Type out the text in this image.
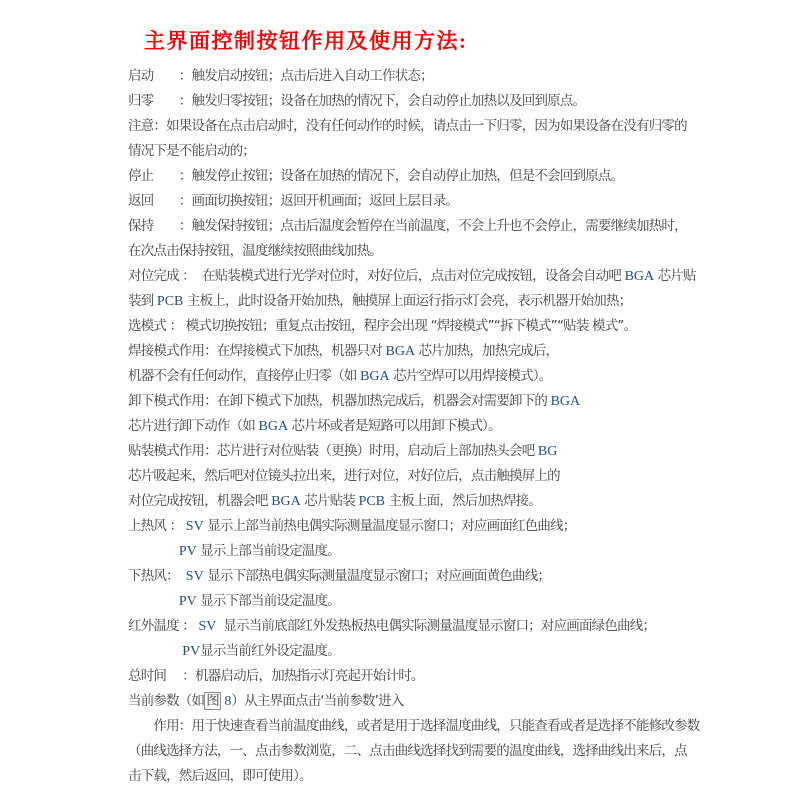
主界面控制按钮作用及使用方法:
启动　　：触发启动按钮；点击后进入自动工作状态；
归零　　：触发归零按钮；设备在加热的情况下，会自动停止加热以及回到原点。
注意：如果设备在点击启动时，没有任何动作的时候，请点击一下归零，因为如果设备在没有归零的
情况下是不能启动的；
停止　　：触发停止按钮；设备在加热的情况下，会自动停止加热，但是不会回到原点。
返回　　：画面切换按钮；返回开机画面；返回上层目录。
保持　　：触发保持按钮；点击后温度会暂停在当前温度，不会上升也不会停止，需要继续加热时，
在次点击保持按钮，温度继续按照曲线加热。
对位完成 ：  在贴装模式进行光学对位时，对好位后，点击对位完成按钮，设备会自动吧 BGA 芯片贴
装到 PCB 主板上，此时设备开始加热，触摸屏上面运行指示灯会亮，表示机器开始加热；
选模式 ： 模式切换按钮；重复点击按钮，程序会出现 “焊接模式”“拆下模式”“贴装 模式”。
焊接模式作用：在焊接模式下加热，机器只对 BGA 芯片加热，加热完成后，
机器不会有任何动作，直接停止归零（如 BGA 芯片空焊可以用焊接模式）。
卸下模式作用：在卸下模式下加热，机器加热完成后，机器会对需要卸下的 BGA
芯片进行卸下动作（如 BGA 芯片坏或者是短路可以用卸下模式）。
贴装模式作用：芯片进行对位贴装（更换）时用，启动后上部加热头会吧 BG
芯片吸起来，然后吧对位镜头拉出来，进行对位，对好位后，点击触摸屏上的
对位完成按钮，机器会吧 BGA 芯片贴装 PCB 主板上面，然后加热焊接。
上热风 ： SV 显示上部当前热电偶实际测量温度显示窗口；对应画面红色曲线；
　　　　PV 显示上部当前设定温度。
下热风：  SV 显示下部热电偶实际测量温度显示窗口；对应画面黄色曲线；
　　　　PV 显示下部当前设定温度。
红外温度 ： SV  显示当前底部红外发热板热电偶实际测量温度显示窗口；对应画面绿色曲线；
　　　　 PV显示当前红外设定温度。
总时间　 ：机器启动后，加热指示灯亮起开始计时。
当前参数（如 图 8）从主界面点击‘当前参数’进入
　　作用：用于快速查看当前温度曲线，或者是用于选择温度曲线，只能查看或者是选择不能修改参数
（曲线选择方法，一、点击参数浏览，二、点击曲线选择找到需要的温度曲线，选择曲线出来后，点
击下载，然后返回，即可使用）。
